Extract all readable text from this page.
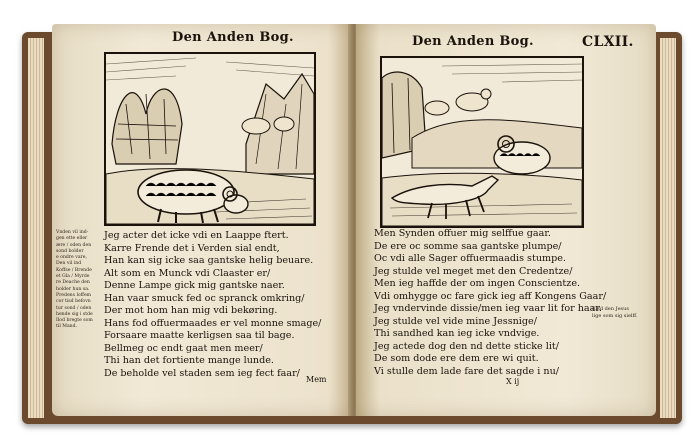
Den Anden Bog.
Vnden vil ind-
gen ette eller
ære / oden den
sond bolder
e ondre vare,
Den vil ind
Koffse / Brende
et Gla / Myrde
re Deache den
holder hun sa.
Predens loffem
cor tisd befovn
tur sond / oden
hende sig i stde
Ilod bregte som
til Mand.
Jeg acter det icke vdi en Laappe ftert.
Karre Frende det i Verden sial endt,
Han kan sig icke saa gantske helig beuare.
Alt som en Munck vdi Claaster er/
Denne Lampe gick mig gantske naer.
Han vaar smuck fed oc spranck omkring/
Der mot hom han mig vdi bekøring.
Hans fod offuermaades er vel monne smage/
Forsaare maatte kerligsen saa til bage.
Bellmeg oc endt gaat men meer/
Thi han det fortiente mange lunde.
De beholde vel staden sem ieg fect faar/
Mem
Den Anden Bog.	CLXII.
Men Synden offuer mig selffue gaar.
De ere oc somme saa gantske plumpe/
Oc vdi alle Sager offuermaadis stumpe.
Jeg stulde vel meget met den Credentze/
Men ieg haffde der om ingen Conscientze.
Vdi omhygge oc fare gick ieg aff Kongens Gaar/
Jeg vndervinde dissie/men ieg vaar lit for haar.
Jeg stulde vel vide mine Jessnige/
Thi sandhed kan ieg icke vndvige.
Jeg actede dog den nd dette sticke lit/
De som dode ere dem ere wi quit.
Vi stulle dem lade fare det sagde i nu/
Eisd den Jesus
lige som sig sielff.
X ij
